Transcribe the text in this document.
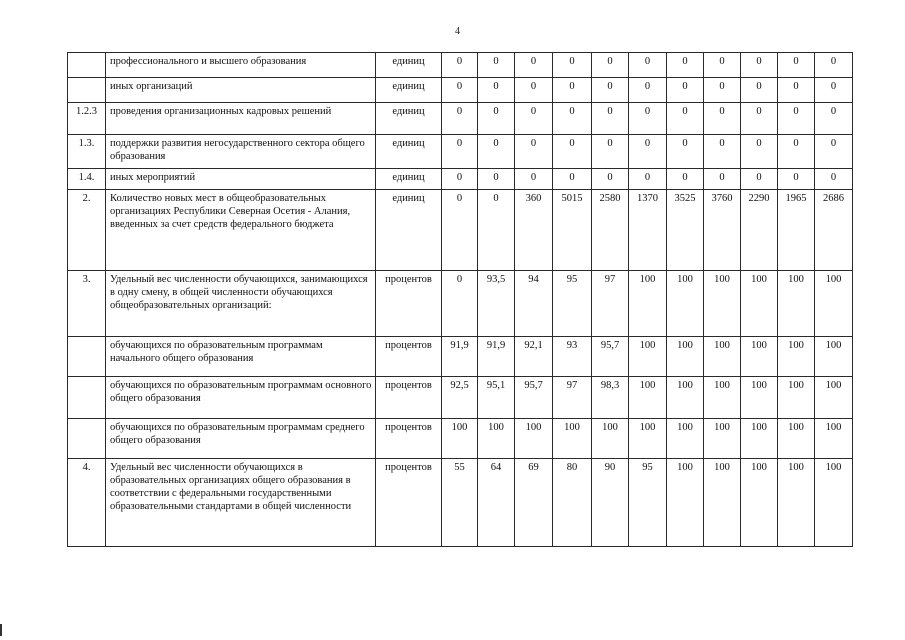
4
	профессионального и высшего образования	единиц	0	0	0	0	0	0	0	0	0	0	0
	иных организаций	единиц	0	0	0	0	0	0	0	0	0	0	0
1.2.3	проведения организационных кадровых решений	единиц	0	0	0	0	0	0	0	0	0	0	0
1.3.	поддержки развития негосударственного сектора общего образования	единиц	0	0	0	0	0	0	0	0	0	0	0
1.4.	иных мероприятий	единиц	0	0	0	0	0	0	0	0	0	0	0
2.	Количество новых мест в общеобразовательных организациях Республики Северная Осетия - Алания, введенных за счет средств федерального бюджета	единиц	0	0	360	5015	2580	1370	3525	3760	2290	1965	2686
3.	Удельный вес численности обучающихся, занимающихся в одну смену, в общей численности обучающихся общеобразовательных организаций:	процентов	0	93,5	94	95	97	100	100	100	100	100	100
	обучающихся по образовательным программам начального общего образования	процентов	91,9	91,9	92,1	93	95,7	100	100	100	100	100	100
	обучающихся по образовательным программам основного общего образования	процентов	92,5	95,1	95,7	97	98,3	100	100	100	100	100	100
	обучающихся по образовательным программам среднего общего образования	процентов	100	100	100	100	100	100	100	100	100	100	100
4.	Удельный вес численности обучающихся в образовательных организациях общего образования в соответствии с федеральными государственными образовательными стандартами в общей численности	процентов	55	64	69	80	90	95	100	100	100	100	100
